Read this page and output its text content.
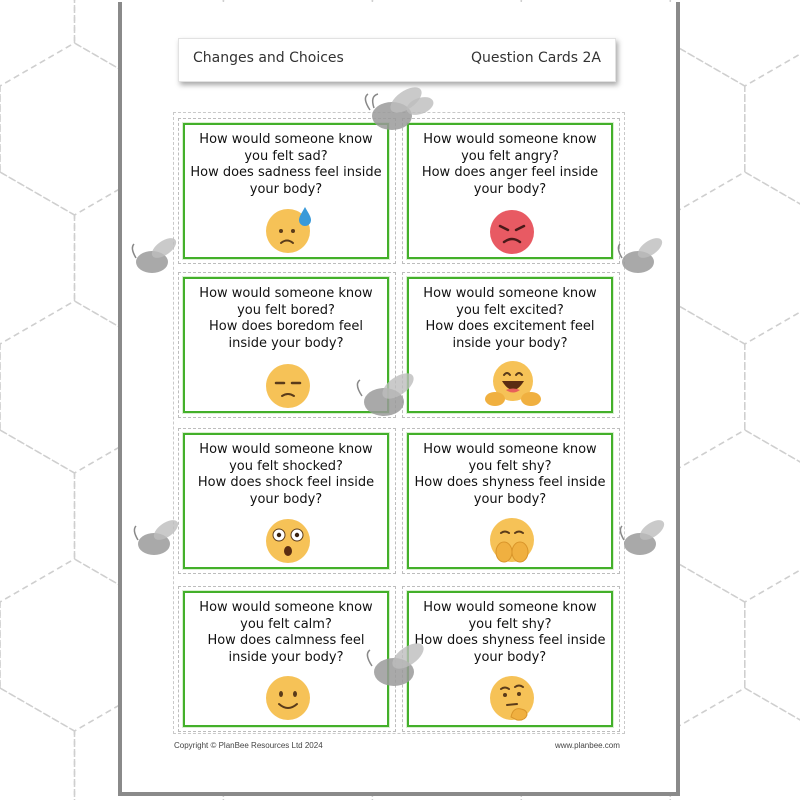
Changes and Choices	Question Cards 2A
How would someone know
you felt sad?
How does sadness feel inside
your body?
How would someone know
you felt angry?
How does anger feel inside
your body?
How would someone know
you felt bored?
How does boredom feel
inside your body?
How would someone know
you felt excited?
How does excitement feel
inside your body?
How would someone know
you felt shocked?
How does shock feel inside
your body?
How would someone know
you felt shy?
How does shyness feel inside
your body?
How would someone know
you felt calm?
How does calmness feel
inside your body?
How would someone know
you felt shy?
How does shyness feel inside
your body?
Copyright © PlanBee Resources Ltd 2024	www.planbee.com
